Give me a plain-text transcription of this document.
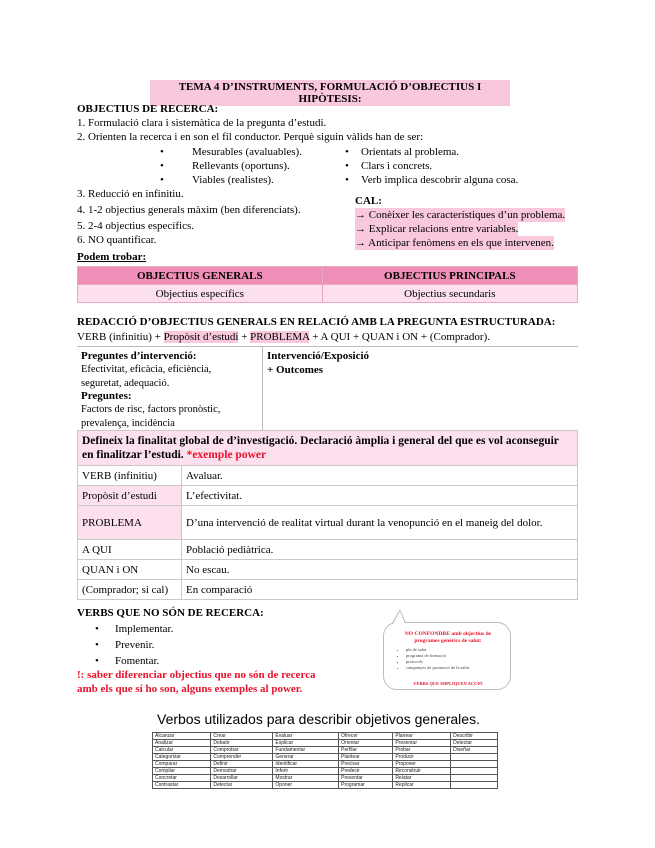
TEMA 4 D’INSTRUMENTS, FORMULACIÓ D’OBJECTIUS I HIPÒTESIS:
OBJECTIUS DE RECERCA:
1. Formulació clara i sistemàtica de la pregunta d’estudi.
2. Orienten la recerca i en son el fil conductor. Perquè siguin vàlids han de ser:
•	Mesurables (avaluables).
•	Rellevants (oportuns).
•	Viables (realistes).
• Orientats al problema.
• Clars i concrets.
• Verb implica descobrir alguna cosa.
3. Reducció en infinitiu.
4. 1-2 objectius generals màxim (ben diferenciats).
5. 2-4 objectius específics.
6. NO quantificar.
CAL:
→ Conèixer les característiques d’un problema.
→ Explicar relacions entre variables.
→ Anticipar fenòmens en els que intervenen.
Podem trobar:
OBJECTIUS GENERALS	OBJECTIUS PRINCIPALS
Objectius específics	Objectius secundaris
REDACCIÓ D’OBJECTIUS GENERALS EN RELACIÓ AMB LA PREGUNTA ESTRUCTURADA:
VERB (infinitiu) + Propòsit d’estudi + PROBLEMA + A QUI + QUAN i ON + (Comprador).
Preguntes d’intervenció:
Efectivitat, eficàcia, eficiència,
seguretat, adequació.
Preguntes:
Factors de risc, factors pronòstic,
prevalença, incidència
Intervenció/Exposició
+ Outcomes
Defineix la finalitat global de d’investigació. Declaració àmplia i general del que es vol aconseguir en finalitzar l’estudi. *exemple power	
VERB (infinitiu)	Avaluar.
Propòsit d’estudi	L’efectivitat.
PROBLEMA	D’una intervenció de realitat virtual durant la venopunció en el maneig del dolor.
A QUI	Població pediàtrica.
QUAN i ON	No escau.
(Comprador; si cal)	En comparació
VERBS QUE NO SÓN DE RECERCA:
• Implementar.
• Prevenir.
• Fomentar.
!: saber diferenciar objectius que no són de recerca
amb els que sí ho son, alguns exemples al power.
NO CONFONDRE amb objectius de programes genèrics de salut:
• pla de salut
• programa de formació
• protocols
• campanyes de promoció de la salut
VERBS QUE IMPLIQUEN ACCIÓ
Verbos utilizados para describir objetivos generales.
Alcanzar	Crear	Evaluar	Ofrecer	Planear	Describir
Analizar	Debatir	Explicar	Orientar	Presentar	Detectar
Calcular	Comprobar	Fundamentar	Perfilar	Probar	Diseñar
Categorizar	Comprender	Generar	Plantear	Producir	
Comparar	Definir	Identificar	Precisar	Proponer	
Compilar	Demostrar	Inferir	Predecir	Reconstruir	
Concretar	Desarrollar	Mostrar	Presentar	Relatar	
Contrastar	Detectar	Oponer	Programar	Replicar	
